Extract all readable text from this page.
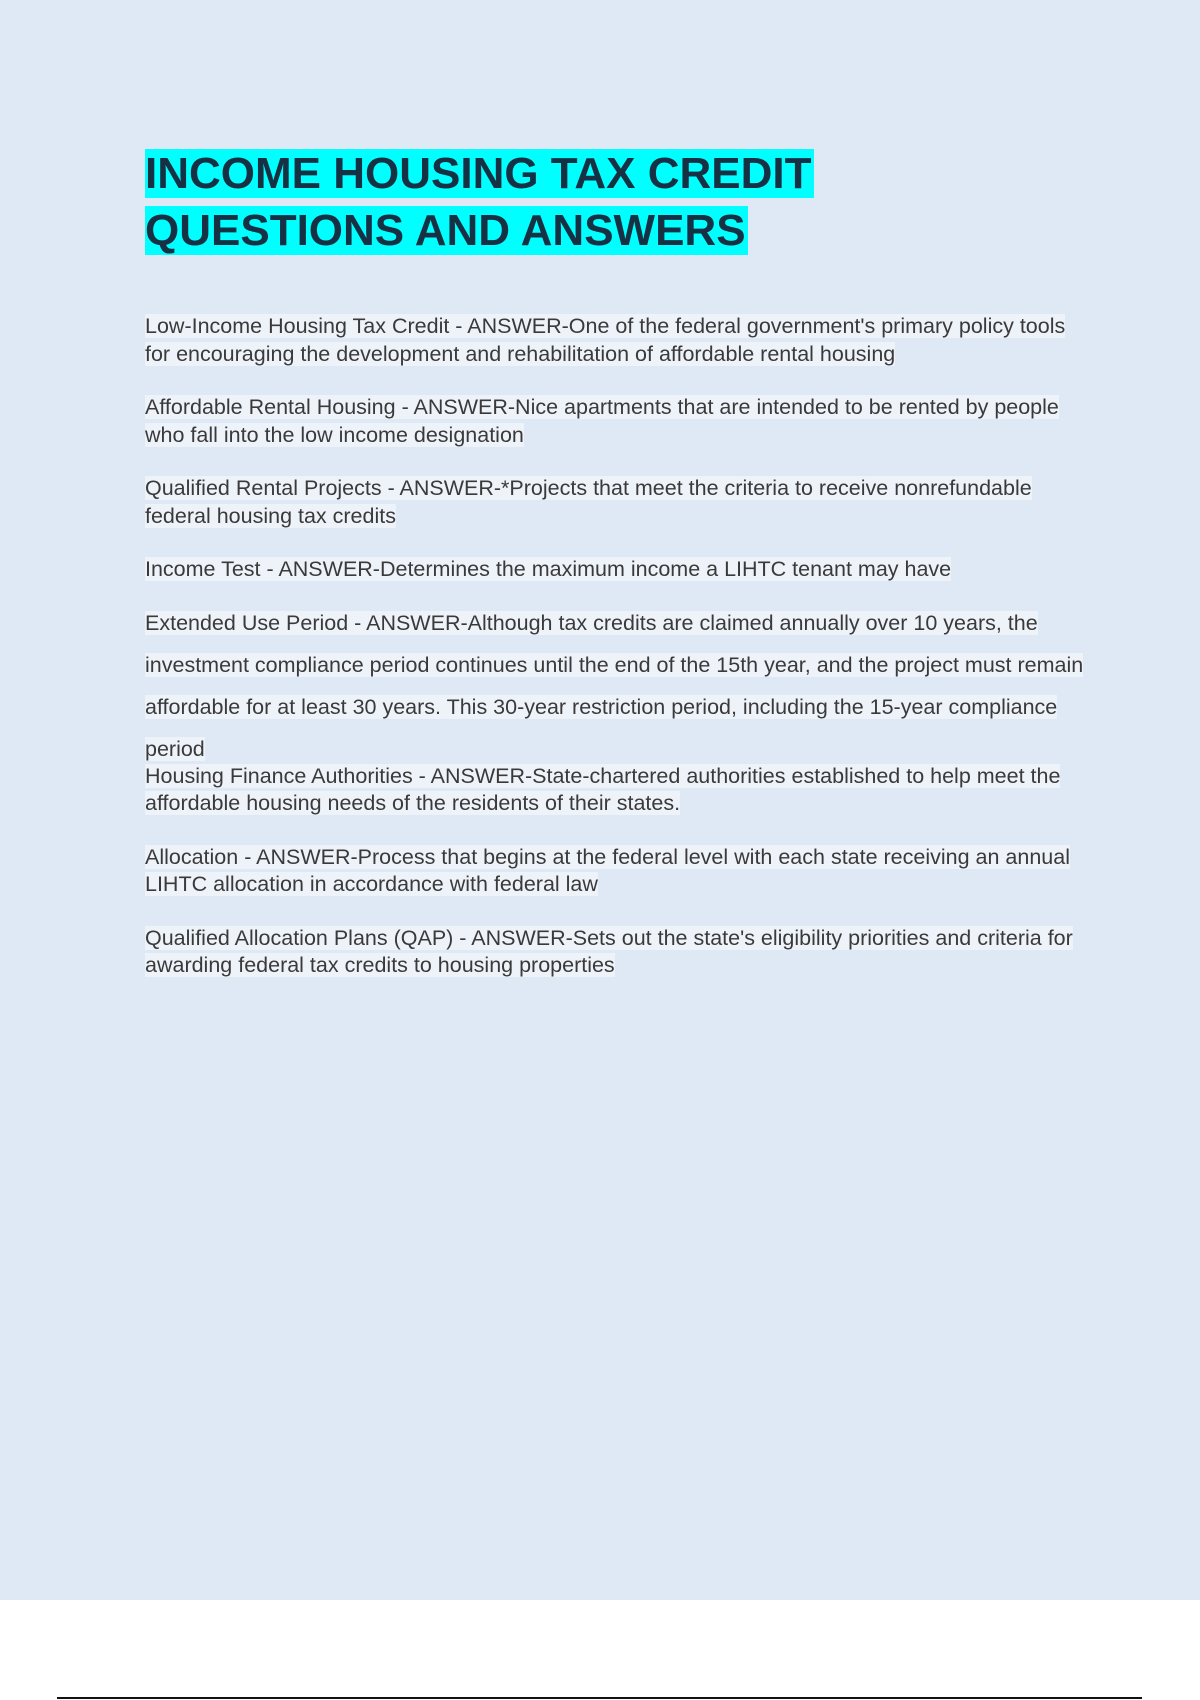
INCOME HOUSING TAX CREDIT
QUESTIONS AND ANSWERS

Low-Income Housing Tax Credit - ANSWER-One of the federal government's primary policy tools for encouraging the development and rehabilitation of affordable rental housing

Affordable Rental Housing - ANSWER-Nice apartments that are intended to be rented by people who fall into the low income designation

Qualified Rental Projects - ANSWER-*Projects that meet the criteria to receive nonrefundable federal housing tax credits

Income Test - ANSWER-Determines the maximum income a LIHTC tenant may have

Extended Use Period - ANSWER-Although tax credits are claimed annually over 10 years, the investment compliance period continues until the end of the 15th year, and the project must remain affordable for at least 30 years. This 30-year restriction period, including the 15-year compliance period

Housing Finance Authorities - ANSWER-State-chartered authorities established to help meet the affordable housing needs of the residents of their states.

Allocation - ANSWER-Process that begins at the federal level with each state receiving an annual LIHTC allocation in accordance with federal law

Qualified Allocation Plans (QAP) - ANSWER-Sets out the state's eligibility priorities and criteria for awarding federal tax credits to housing properties
